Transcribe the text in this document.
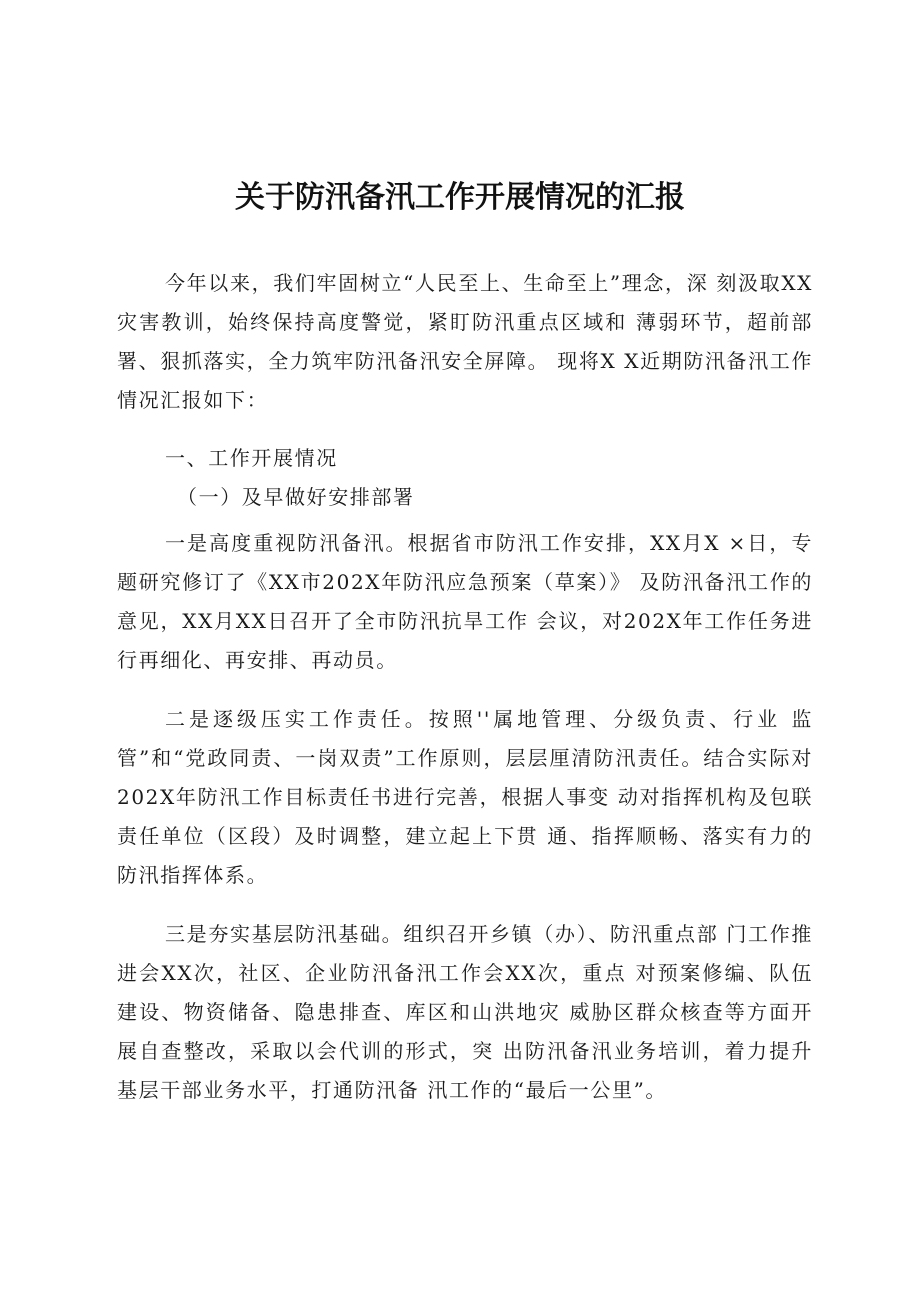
关于防汛备汛工作开展情况的汇报

今年以来，我们牢固树立“人民至上、生命至上”理念，深 刻汲取XX灾害教训，始终保持高度警觉，紧盯防汛重点区域和 薄弱环节，超前部署、狠抓落实，全力筑牢防汛备汛安全屏障。 现将X X近期防汛备汛工作情况汇报如下：

一、工作开展情况

（一）及早做好安排部署

一是高度重视防汛备汛。根据省市防汛工作安排，XX月X ×日，专题研究修订了《XX市202X年防汛应急预案（草案）》 及防汛备汛工作的意见，XX月XX日召开了全市防汛抗旱工作 会议，对202X年工作任务进行再细化、再安排、再动员。

二是逐级压实工作责任。按照''属地管理、分级负责、行业 监管”和“党政同责、一岗双责”工作原则，层层厘清防汛责任。结合实际对202X年防汛工作目标责任书进行完善，根据人事变 动对指挥机构及包联责任单位（区段）及时调整，建立起上下贯 通、指挥顺畅、落实有力的防汛指挥体系。

三是夯实基层防汛基础。组织召开乡镇（办）、防汛重点部 门工作推进会XX次，社区、企业防汛备汛工作会XX次，重点 对预案修编、队伍建设、物资储备、隐患排查、库区和山洪地灾 威胁区群众核查等方面开展自查整改，采取以会代训的形式，突 出防汛备汛业务培训，着力提升基层干部业务水平，打通防汛备 汛工作的“最后一公里”。
